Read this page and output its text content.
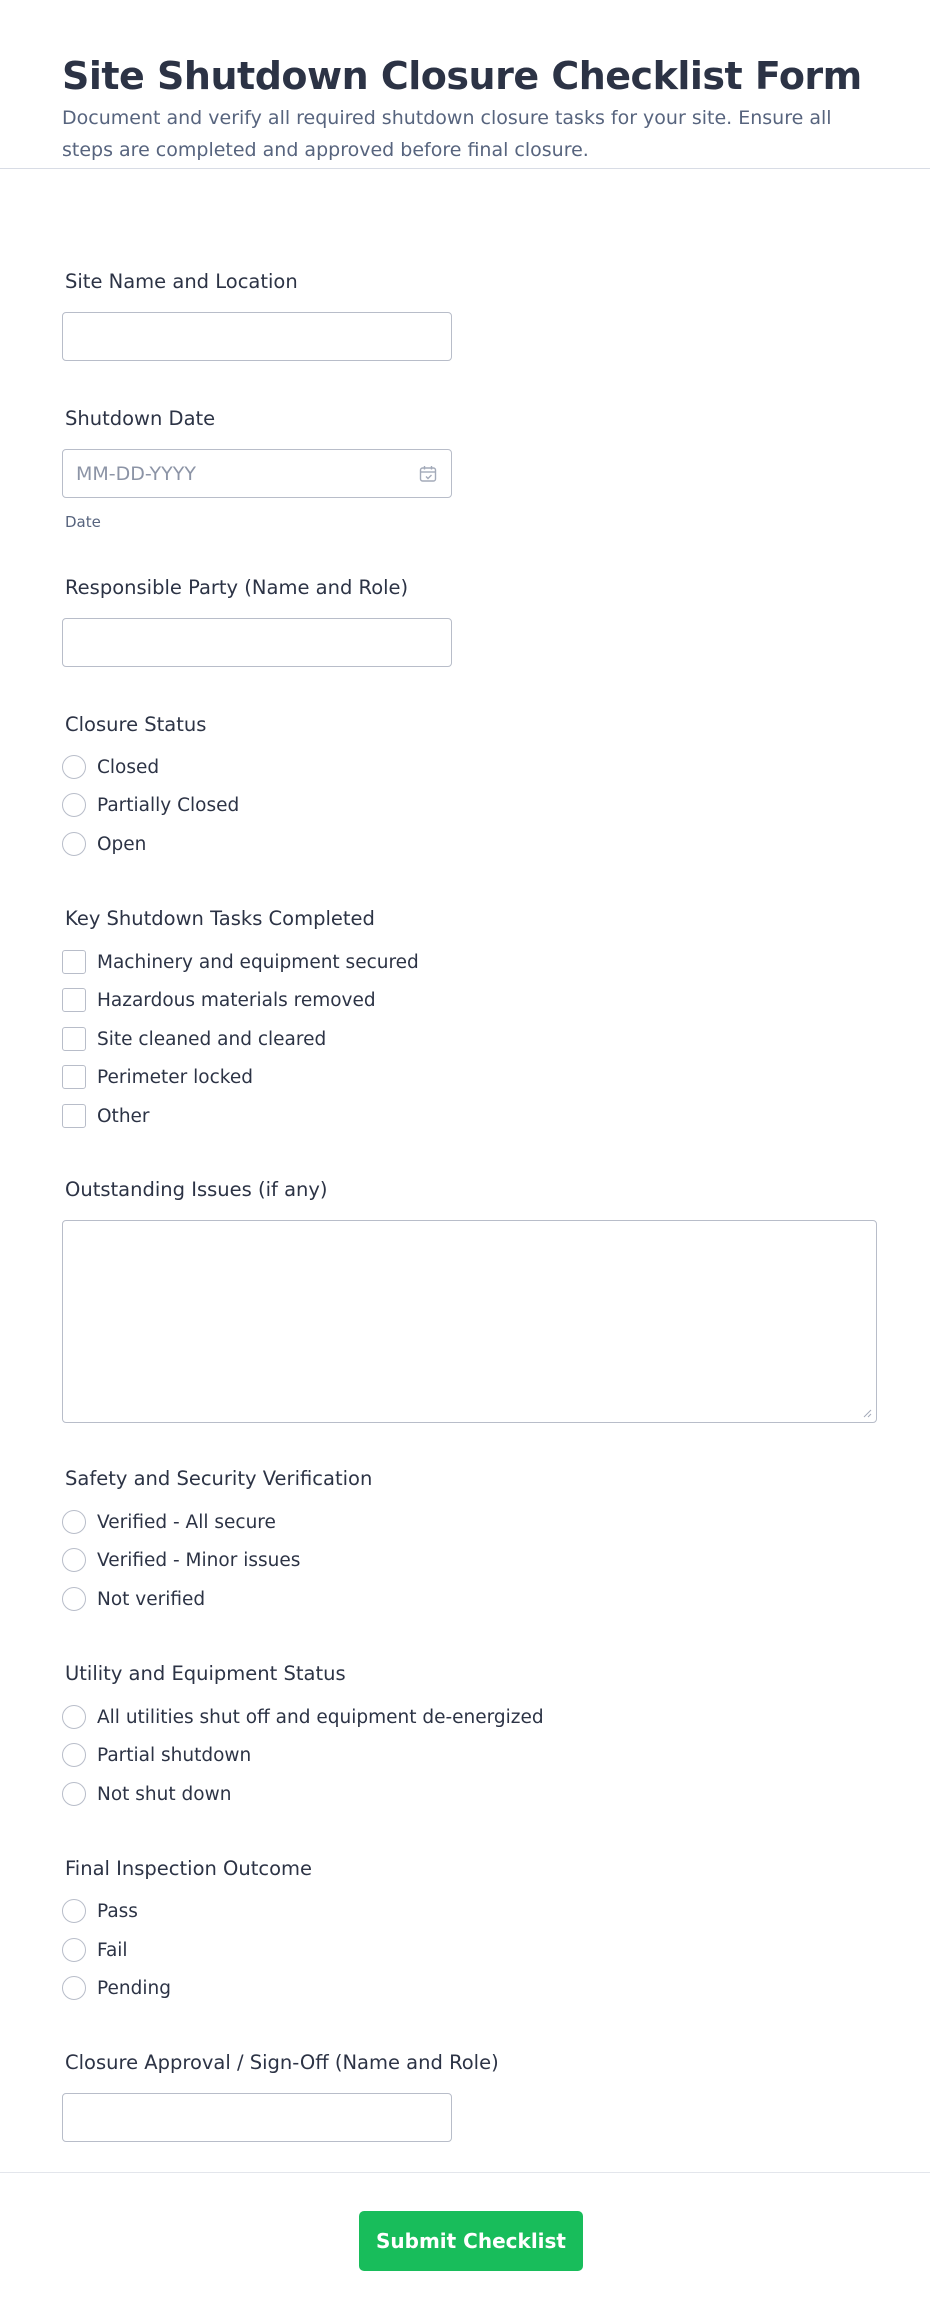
Site Shutdown Closure Checklist Form

Document and verify all required shutdown closure tasks for your site. Ensure all steps are completed and approved before final closure.

Site Name and Location
Shutdown Date
MM-DD-YYYY
Date
Responsible Party (Name and Role)
Closure Status
Closed
Partially Closed
Open
Key Shutdown Tasks Completed
Machinery and equipment secured
Hazardous materials removed
Site cleaned and cleared
Perimeter locked
Other
Outstanding Issues (if any)
Safety and Security Verification
Verified - All secure
Verified - Minor issues
Not verified
Utility and Equipment Status
All utilities shut off and equipment de-energized
Partial shutdown
Not shut down
Final Inspection Outcome
Pass
Fail
Pending
Closure Approval / Sign-Off (Name and Role)
Submit Checklist
